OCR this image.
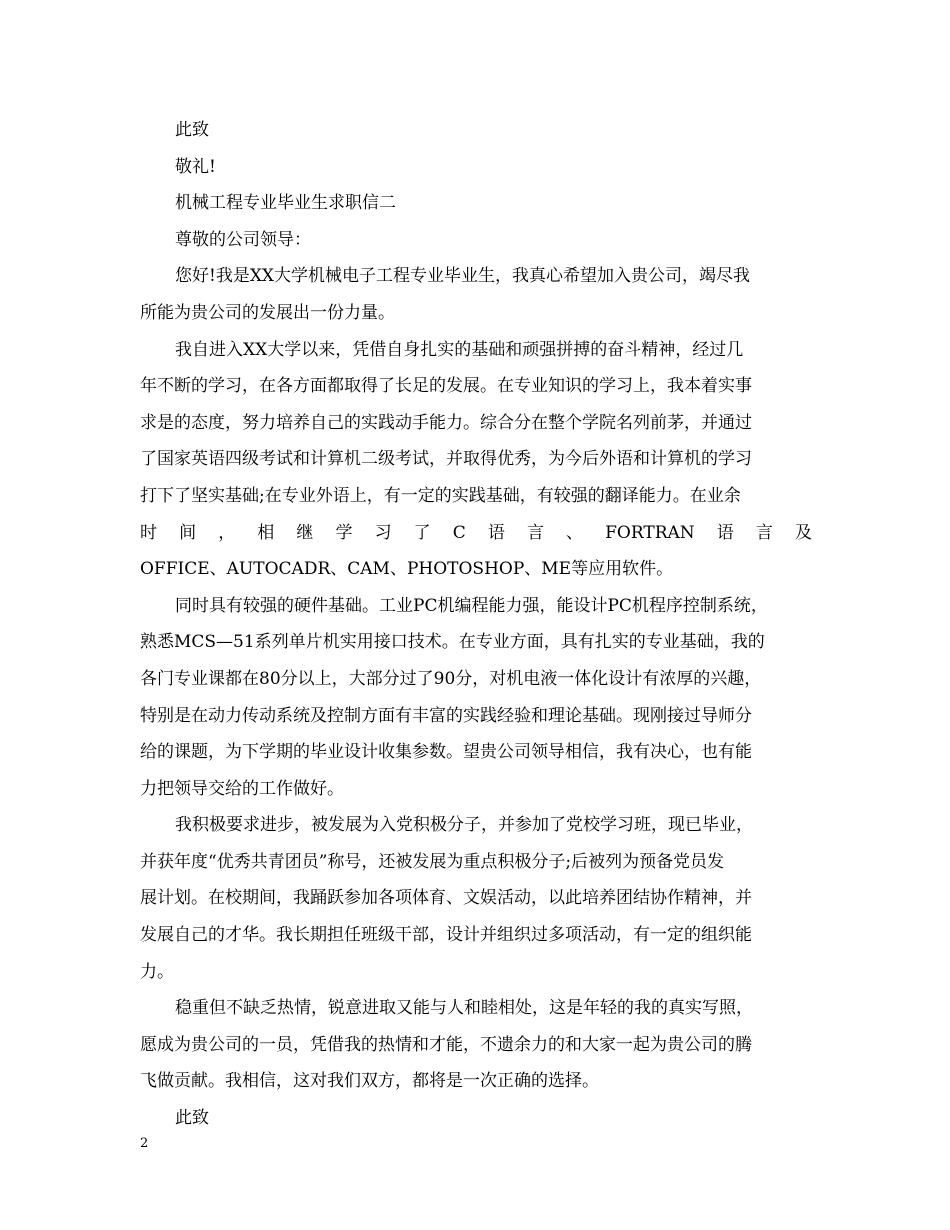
此致
敬礼!
机械工程专业毕业生求职信二
尊敬的公司领导：
您好!我是XX大学机械电子工程专业毕业生，我真心希望加入贵公司，竭尽我
所能为贵公司的发展出一份力量。
我自进入XX大学以来，凭借自身扎实的基础和顽强拼搏的奋斗精神，经过几
年不断的学习，在各方面都取得了长足的发展。在专业知识的学习上，我本着实事
求是的态度，努力培养自己的实践动手能力。综合分在整个学院名列前茅，并通过
了国家英语四级考试和计算机二级考试，并取得优秀，为今后外语和计算机的学习
打下了坚实基础;在专业外语上，有一定的实践基础，有较强的翻译能力。在业余
时 间 ， 相 继 学 习 了 C 语 言 、 FORTRAN 语 言 及
OFFICE、AUTOCADR、CAM、PHOTOSHOP、ME等应用软件。
同时具有较强的硬件基础。工业PC机编程能力强，能设计PC机程序控制系统，
熟悉MCS—51系列单片机实用接口技术。在专业方面，具有扎实的专业基础，我的
各门专业课都在80分以上，大部分过了90分，对机电液一体化设计有浓厚的兴趣，
特别是在动力传动系统及控制方面有丰富的实践经验和理论基础。现刚接过导师分
给的课题，为下学期的毕业设计收集参数。望贵公司领导相信，我有决心，也有能
力把领导交给的工作做好。
我积极要求进步，被发展为入党积极分子，并参加了党校学习班，现已毕业，
并获年度“优秀共青团员”称号，还被发展为重点积极分子;后被列为预备党员发
展计划。在校期间，我踊跃参加各项体育、文娱活动，以此培养团结协作精神，并
发展自己的才华。我长期担任班级干部，设计并组织过多项活动，有一定的组织能
力。
稳重但不缺乏热情，锐意进取又能与人和睦相处，这是年轻的我的真实写照，
愿成为贵公司的一员，凭借我的热情和才能，不遗余力的和大家一起为贵公司的腾
飞做贡献。我相信，这对我们双方，都将是一次正确的选择。
此致
2
